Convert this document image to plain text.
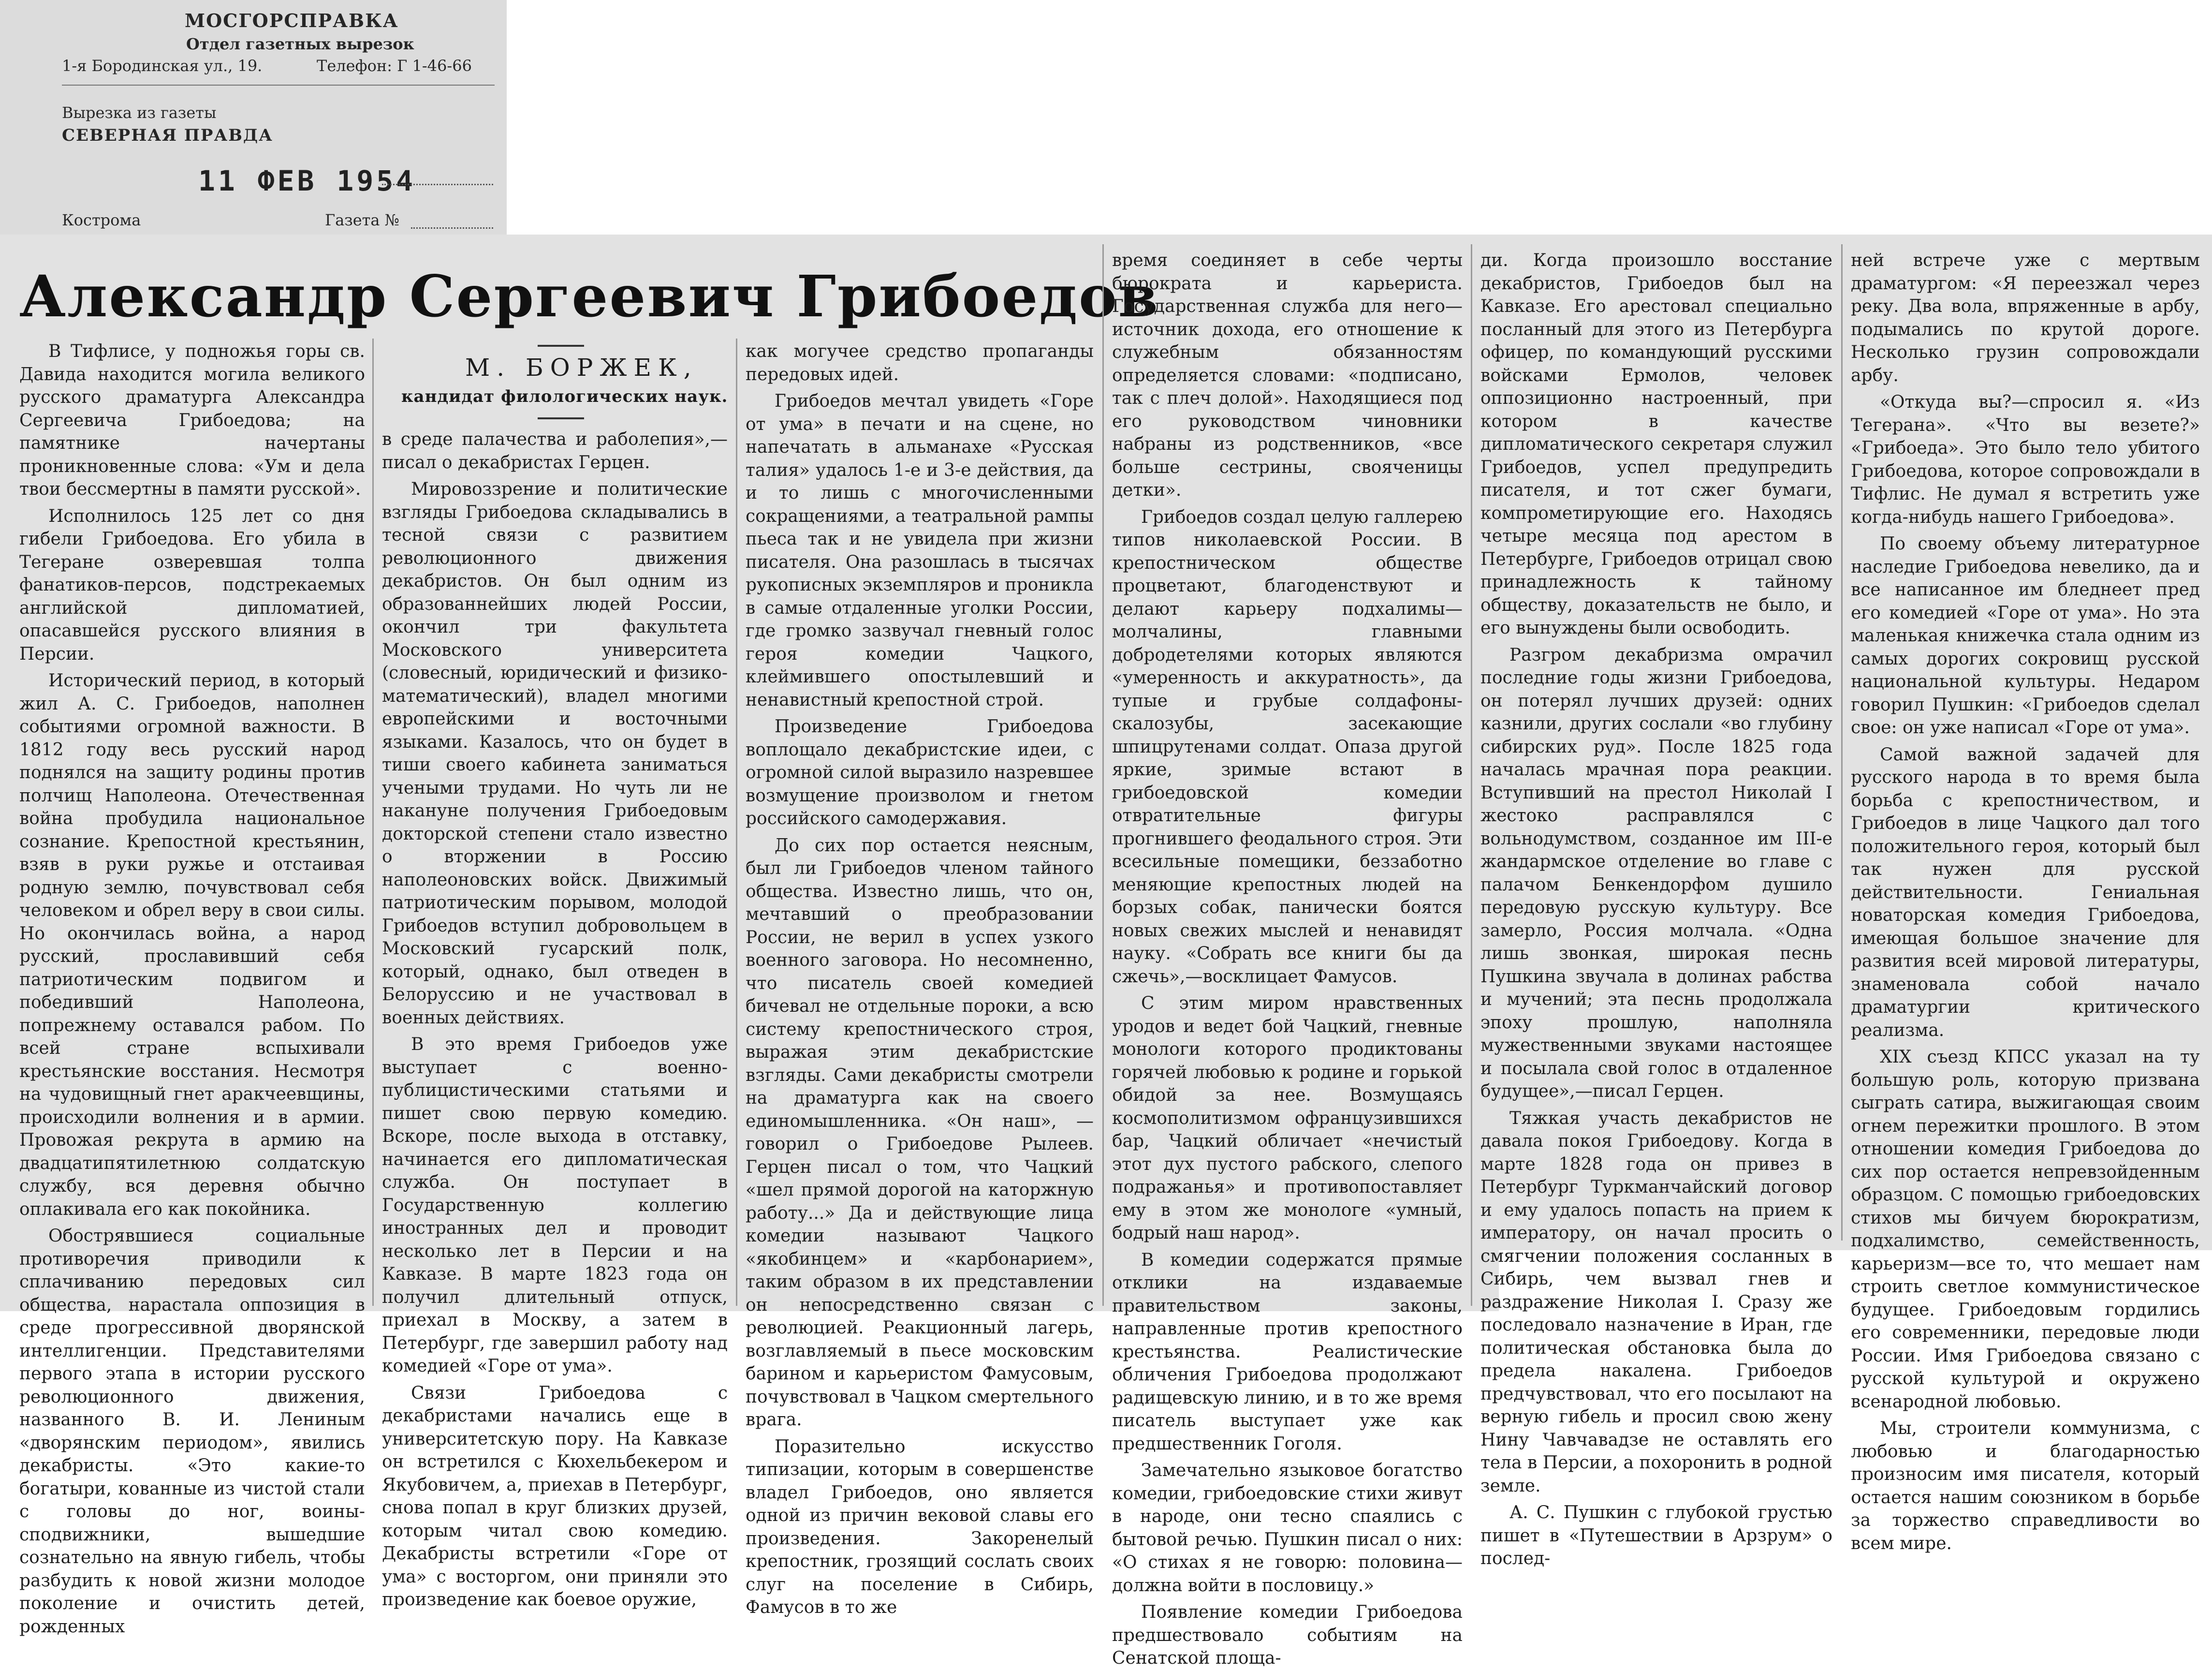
МОСГОРСПРАВКА
Отдел газетных вырезок
1-я Бородинская ул., 19.	Телефон: Г 1-46-66
Вырезка из газеты
СЕВЕРНАЯ ПРАВДА
11 ФЕВ 1954
Кострома	Газета №
Александр Сергеевич Грибоедов
М. БОРЖЕК,
кандидат филологических наук.

В Тифлисе, у подножья горы св. Давида находится могила великого русского драматурга Александра Сергеевича Грибоедова; на памятнике начертаны проникновенные слова: «Ум и дела твои бессмертны в памяти русской».

Исполнилось 125 лет со дня гибели Грибоедова. Его убила в Тегеране озверевшая толпа фанатиков-персов, подстрекаемых английской дипломатией, опасавшейся русского влияния в Персии.

Исторический период, в который жил А. С. Грибоедов, наполнен событиями огромной важности. В 1812 году весь русский народ поднялся на защиту родины против полчищ Наполеона. Отечественная война пробудила национальное сознание. Крепостной крестьянин, взяв в руки ружье и отстаивая родную землю, почувствовал себя человеком и обрел веру в свои силы. Но окончилась война, а народ русский, прославивший себя патриотическим подвигом и победивший Наполеона, попрежнему оставался рабом. По всей стране вспыхивали крестьянские восстания. Несмотря на чудовищный гнет аракчеевщины, происходили волнения и в армии. Провожая рекрута в армию на двадцатипятилетнюю солдатскую службу, вся деревня обычно оплакивала его как покойника.

Обострявшиеся социальные противоречия приводили к сплачиванию передовых сил общества, нарастала оппозиция в среде прогрессивной дворянской интеллигенции. Представителями первого этапа в истории русского революционного движения, названного В. И. Лениным «дворянским периодом», явились декабристы. «Это какие-то богатыри, кованные из чистой стали с головы до ног, воины-сподвижники, вышедшие сознательно на явную гибель, чтобы разбудить к новой жизни молодое поколение и очистить детей, рожденных

в среде палачества и раболепия»,—писал о декабристах Герцен.

Мировоззрение и политические взгляды Грибоедова складывались в тесной связи с развитием революционного движения декабристов. Он был одним из образованнейших людей России, окончил три факультета Московского университета (словесный, юридический и физико-математический), владел многими европейскими и восточными языками. Казалось, что он будет в тиши своего кабинета заниматься учеными трудами. Но чуть ли не накануне получения Грибоедовым докторской степени стало известно о вторжении в Россию наполеоновских войск. Движимый патриотическим порывом, молодой Грибоедов вступил добровольцем в Московский гусарский полк, который, однако, был отведен в Белоруссию и не участвовал в военных действиях.

В это время Грибоедов уже выступает с военно-публицистическими статьями и пишет свою первую комедию. Вскоре, после выхода в отставку, начинается его дипломатическая служба. Он поступает в Государственную коллегию иностранных дел и проводит несколько лет в Персии и на Кавказе. В марте 1823 года он получил длительный отпуск, приехал в Москву, а затем в Петербург, где завершил работу над комедией «Горе от ума».

Связи Грибоедова с декабристами начались еще в университетскую пору. На Кавказе он встретился с Кюхельбекером и Якубовичем, а, приехав в Петербург, снова попал в круг близких друзей, которым читал свою комедию. Декабристы встретили «Горе от ума» с восторгом, они приняли это произведение как боевое оружие,

как могучее средство пропаганды передовых идей.

Грибоедов мечтал увидеть «Горе от ума» в печати и на сцене, но напечатать в альманахе «Русская талия» удалось 1-е и 3-е действия, да и то лишь с многочисленными сокращениями, а театральной рампы пьеса так и не увидела при жизни писателя. Она разошлась в тысячах рукописных экземпляров и проникла в самые отдаленные уголки России, где громко зазвучал гневный голос героя комедии Чацкого, клеймившего опостылевший и ненавистный крепостной строй.

Произведение Грибоедова воплощало декабристские идеи, с огромной силой выразило назревшее возмущение произволом и гнетом российского самодержавия.

До сих пор остается неясным, был ли Грибоедов членом тайного общества. Известно лишь, что он, мечтавший о преобразовании России, не верил в успех узкого военного заговора. Но несомненно, что писатель своей комедией бичевал не отдельные пороки, а всю систему крепостнического строя, выражая этим декабристские взгляды. Сами декабристы смотрели на драматурга как на своего единомышленника. «Он наш», — говорил о Грибоедове Рылеев. Герцен писал о том, что Чацкий «шел прямой дорогой на каторжную работу...» Да и действующие лица комедии называют Чацкого «якобинцем» и «карбонарием», таким образом в их представлении он непосредственно связан с революцией. Реакционный лагерь, возглавляемый в пьесе московским барином и карьеристом Фамусовым, почувствовал в Чацком смертельного врага.

Поразительно искусство типизации, которым в совершенстве владел Грибоедов, оно является одной из причин вековой славы его произведения. Закоренелый крепостник, грозящий сослать своих слуг на поселение в Сибирь, Фамусов в то же

время соединяет в себе черты бюрократа и карьериста. Государственная служба для него—источник дохода, его отношение к служебным обязанностям определяется словами: «подписано, так с плеч долой». Находящиеся под его руководством чиновники набраны из родственников, «все больше сестрины, свояченицы детки».

Грибоедов создал целую галлерею типов николаевской России. В крепостническом обществе процветают, благоденствуют и делают карьеру подхалимы—молчалины, главными добродетелями которых являются «умеренность и аккуратность», да тупые и грубые солдафоны-скалозубы, засекающие шпицрутенами солдат. Опаза другой яркие, зримые встают в грибоедовской комедии отвратительные фигуры прогнившего феодального строя. Эти всесильные помещики, беззаботно меняющие крепостных людей на борзых собак, панически боятся новых свежих мыслей и ненавидят науку. «Собрать все книги бы да сжечь»,—восклицает Фамусов.

С этим миром нравственных уродов и ведет бой Чацкий, гневные монологи которого продиктованы горячей любовью к родине и горькой обидой за нее. Возмущаясь космополитизмом офранцузившихся бар, Чацкий обличает «нечистый этот дух пустого рабского, слепого подражанья» и противопоставляет ему в этом же монологе «умный, бодрый наш народ».

В комедии содержатся прямые отклики на издаваемые правительством законы, направленные против крепостного крестьянства. Реалистические обличения Грибоедова продолжают радищевскую линию, и в то же время писатель выступает уже как предшественник Гоголя.

Замечательно языковое богатство комедии, грибоедовские стихи живут в народе, они тесно спаялись с бытовой речью. Пушкин писал о них: «О стихах я не говорю: половина—должна войти в пословицу.»

Появление комедии Грибоедова предшествовало событиям на Сенатской площа-

ди. Когда произошло восстание декабристов, Грибоедов был на Кавказе. Его арестовал специально посланный для этого из Петербурга офицер, по командующий русскими войсками Ермолов, человек оппозиционно настроенный, при котором в качестве дипломатического секретаря служил Грибоедов, успел предупредить писателя, и тот сжег бумаги, компрометирующие его. Находясь четыре месяца под арестом в Петербурге, Грибоедов отрицал свою принадлежность к тайному обществу, доказательств не было, и его вынуждены были освободить.

Разгром декабризма омрачил последние годы жизни Грибоедова, он потерял лучших друзей: одних казнили, других сослали «во глубину сибирских руд». После 1825 года началась мрачная пора реакции. Вступивший на престол Николай I жестоко расправлялся с вольнодумством, созданное им III-е жандармское отделение во главе с палачом Бенкендорфом душило передовую русскую культуру. Все замерло, Россия молчала. «Одна лишь звонкая, широкая песнь Пушкина звучала в долинах рабства и мучений; эта песнь продолжала эпоху прошлую, наполняла мужественными звуками настоящее и посылала свой голос в отдаленное будущее»,—писал Герцен.

Тяжкая участь декабристов не давала покоя Грибоедову. Когда в марте 1828 года он привез в Петербург Туркманчайский договор и ему удалось попасть на прием к императору, он начал просить о смягчении положения сосланных в Сибирь, чем вызвал гнев и раздражение Николая I. Сразу же последовало назначение в Иран, где политическая обстановка была до предела накалена. Грибоедов предчувствовал, что его посылают на верную гибель и просил свою жену Нину Чавчавадзе не оставлять его тела в Персии, а похоронить в родной земле.

А. С. Пушкин с глубокой грустью пишет в «Путешествии в Арзрум» о послед-

ней встрече уже с мертвым драматургом: «Я переезжал через реку. Два вола, впряженные в арбу, подымались по крутой дороге. Несколько грузин сопровождали арбу.

«Откуда вы?—спросил я. «Из Тегерана». «Что вы везете?» «Грибоеда». Это было тело убитого Грибоедова, которое сопровождали в Тифлис. Не думал я встретить уже когда-нибудь нашего Грибоедова».

По своему объему литературное наследие Грибоедова невелико, да и все написанное им бледнеет пред его комедией «Горе от ума». Но эта маленькая книжечка стала одним из самых дорогих сокровищ русской национальной культуры. Недаром говорил Пушкин: «Грибоедов сделал свое: он уже написал «Горе от ума».

Самой важной задачей для русского народа в то время была борьба с крепостничеством, и Грибоедов в лице Чацкого дал того положительного героя, который был так нужен для русской действительности. Гениальная новаторская комедия Грибоедова, имеющая большое значение для развития всей мировой литературы, знаменовала собой начало драматургии критического реализма.

XIX съезд КПСС указал на ту большую роль, которую призвана сыграть сатира, выжигающая своим огнем пережитки прошлого. В этом отношении комедия Грибоедова до сих пор остается непревзойденным образцом. С помощью грибоедовских стихов мы бичуем бюрократизм, подхалимство, семейственность, карьеризм—все то, что мешает нам строить светлое коммунистическое будущее. Грибоедовым гордились его современники, передовые люди России. Имя Грибоедова связано с русской культурой и окружено всенародной любовью.

Мы, строители коммунизма, с любовью и благодарностью произносим имя писателя, который остается нашим союзником в борьбе за торжество справедливости во всем мире.
